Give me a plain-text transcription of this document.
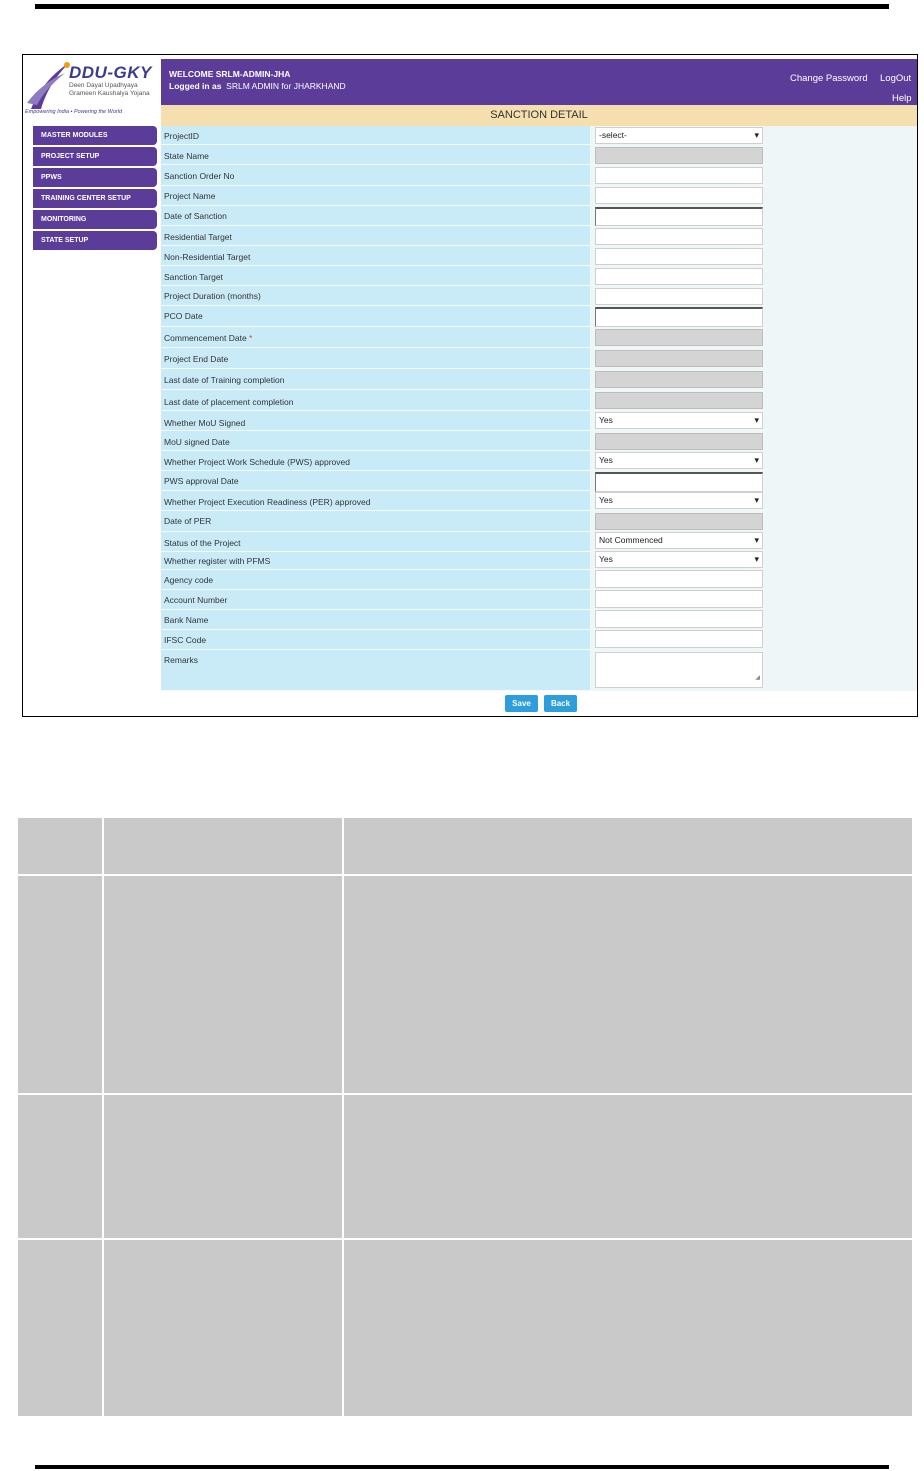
DDU-GKY
Deen Dayal Upadhyaya Grameen Kaushalya Yojana
Empowering India • Powering the World
WELCOME SRLM-ADMIN-JHA
Logged in as SRLM ADMIN for JHARKHAND
Change Password LogOut
Help
SANCTION DETAIL
MASTER MODULES
PROJECT SETUP
PPWS
TRAINING CENTER SETUP
MONITORING
STATE SETUP
ProjectID	-select- ▾
State Name
Sanction Order No
Project Name
Date of Sanction
Residential Target
Non-Residential Target
Sanction Target
Project Duration (months)
PCO Date
Commencement Date *
Project End Date
Last date of Training completion
Last date of placement completion
Whether MoU Signed	Yes ▾
MoU signed Date
Whether Project Work Schedule (PWS) approved	Yes ▾
PWS approval Date
Whether Project Execution Readiness (PER) approved	Yes ▾
Date of PER
Status of the Project	Not Commenced ▾
Whether register with PFMS	Yes ▾
Agency code
Account Number
Bank Name
IFSC Code
Remarks
◢
Save	Back
